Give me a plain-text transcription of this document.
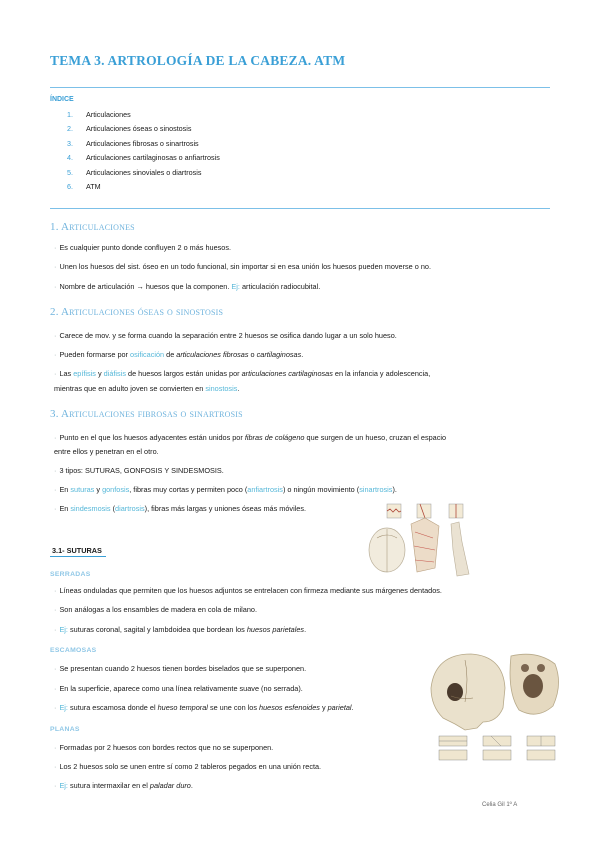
TEMA 3. ARTROLOGÍA DE LA CABEZA. ATM
ÍNDICE
1. Articulaciones
2. Articulaciones óseas o sinostosis
3. Articulaciones fibrosas o sinartrosis
4. Articulaciones cartilaginosas o anfiartrosis
5. Articulaciones sinoviales o diartrosis
6. ATM
1. Articulaciones
· Es cualquier punto donde confluyen 2 o más huesos.
· Unen los huesos del sist. óseo en un todo funcional, sin importar si en esa unión los huesos pueden moverse o no.
· Nombre de articulación → huesos que la componen. Ej: articulación radiocubital.
2. Articulaciones óseas o sinostosis
· Carece de mov. y se forma cuando la separación entre 2 huesos se osifica dando lugar a un solo hueso.
· Pueden formarse por osificación de articulaciones fibrosas o cartilaginosas.
· Las epífisis y diáfisis de huesos largos están unidas por articulaciones cartilaginosas en la infancia y adolescencia,
mientras que en adulto joven se convierten en sinostosis.
3. Articulaciones fibrosas o sinartrosis
· Punto en el que los huesos adyacentes están unidos por fibras de colágeno que surgen de un hueso, cruzan el espacio
entre ellos y penetran en el otro.
· 3 tipos: SUTURAS, GONFOSIS Y SINDESMOSIS.
· En suturas y gonfosis, fibras muy cortas y permiten poco (anfiartrosis) o ningún movimiento (sinartrosis).
· En sindesmosis (diartrosis), fibras más largas y uniones óseas más móviles.
3.1- SUTURAS
SERRADAS
· Líneas onduladas que permiten que los huesos adjuntos se entrelacen con firmeza mediante sus márgenes dentados.
· Son análogas a los ensambles de madera en cola de milano.
· Ej: suturas coronal, sagital y lambdoidea que bordean los huesos parietales.
ESCAMOSAS
· Se presentan cuando 2 huesos tienen bordes biselados que se superponen.
· En la superficie, aparece como una línea relativamente suave (no serrada).
· Ej: sutura escamosa donde el hueso temporal se une con los huesos esfenoides y parietal.
PLANAS
· Formadas por 2 huesos con bordes rectos que no se superponen.
· Los 2 huesos solo se unen entre sí como 2 tableros pegados en una unión recta.
· Ej: sutura intermaxilar en el paladar duro.
Celia Gil 1º A
